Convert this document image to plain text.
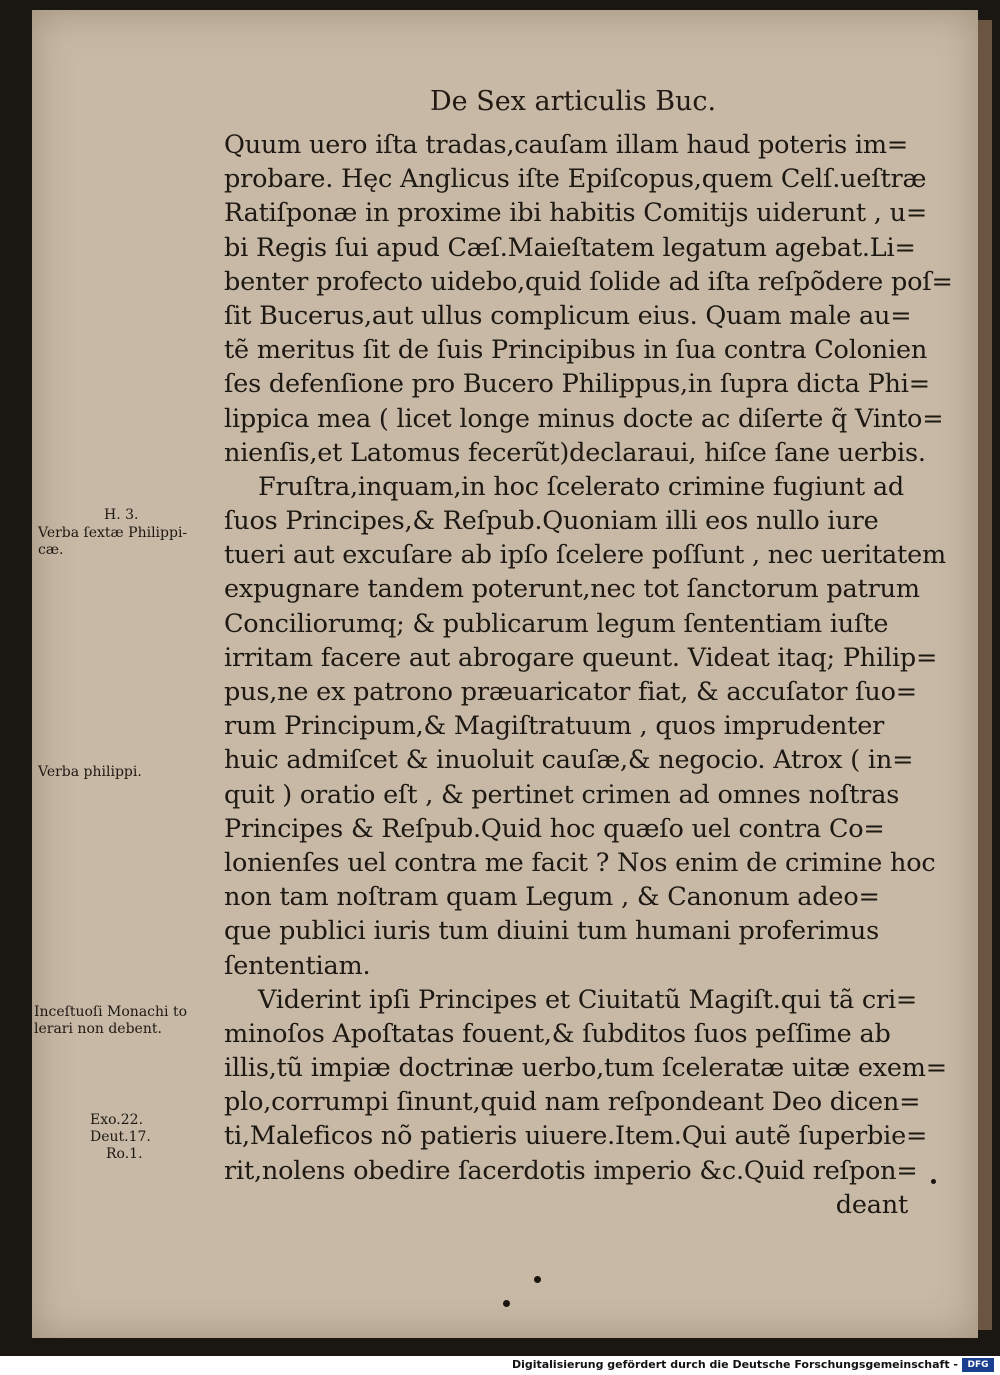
De Sex articulis Buc.
Quum uero iſta tradas,cauſam illam haud poteris im=
probare. Hęc Anglicus iſte Epiſcopus,quem Celſ.ueſtræ
Ratiſponæ in proxime ibi habitis Comitijs uiderunt , u=
bi Regis ſui apud Cæſ.Maieſtatem legatum agebat.Li=
benter profecto uidebo,quid ſolide ad iſta reſpõdere poſ=
ſit Bucerus,aut ullus complicum eius. Quam male au=
tẽ meritus ſit de ſuis Principibus in ſua contra Colonien
ſes defenſione pro Bucero Philippus,in ſupra dicta Phi=
lippica mea ( licet longe minus docte ac diſerte q̃ Vinto=
nienſis,et Latomus fecerũt)declaraui, hiſce ſane uerbis.
Fruſtra,inquam,in hoc ſcelerato crimine fugiunt ad
ſuos Principes,& Reſpub.Quoniam illi eos nullo iure
tueri aut excuſare ab ipſo ſcelere poſſunt , nec ueritatem
expugnare tandem poterunt,nec tot ſanctorum patrum
Conciliorumq; & publicarum legum ſententiam iuſte
irritam facere aut abrogare queunt. Videat itaq; Philip=
pus,ne ex patrono præuaricator fiat, & accuſator ſuo=
rum Principum,& Magiſtratuum , quos imprudenter
huic admiſcet & inuoluit cauſæ,& negocio. Atrox ( in=
quit ) oratio eſt , & pertinet crimen ad omnes noſtras
Principes & Reſpub.Quid hoc quæſo uel contra Co=
lonienſes uel contra me facit ? Nos enim de crimine hoc
non tam noſtram quam Legum , & Canonum adeo=
que publici iuris tum diuini tum humani proferimus
ſententiam.
Viderint ipſi Principes et Ciuitatũ Magiſt.qui tã cri=
minoſos Apoſtatas fouent,& ſubditos ſuos peſſime ab
illis,tũ impiæ doctrinæ uerbo,tum ſceleratæ uitæ exem=
plo,corrumpi ſinunt,quid nam reſpondeant Deo dicen=
ti,Maleficos nõ patieris uiuere.Item.Qui autẽ ſuperbie=
rit,nolens obedire ſacerdotis imperio &c.Quid reſpon=
deant
H. 3.
Verba ſextæ Philippi-
cæ.
Verba philippi.
Inceſtuoſi Monachi to
lerari non debent.
Exo.22.
Deut.17.
Ro.1.
Digitalisierung gefördert durch die Deutsche Forschungsgemeinschaft -	DFG
